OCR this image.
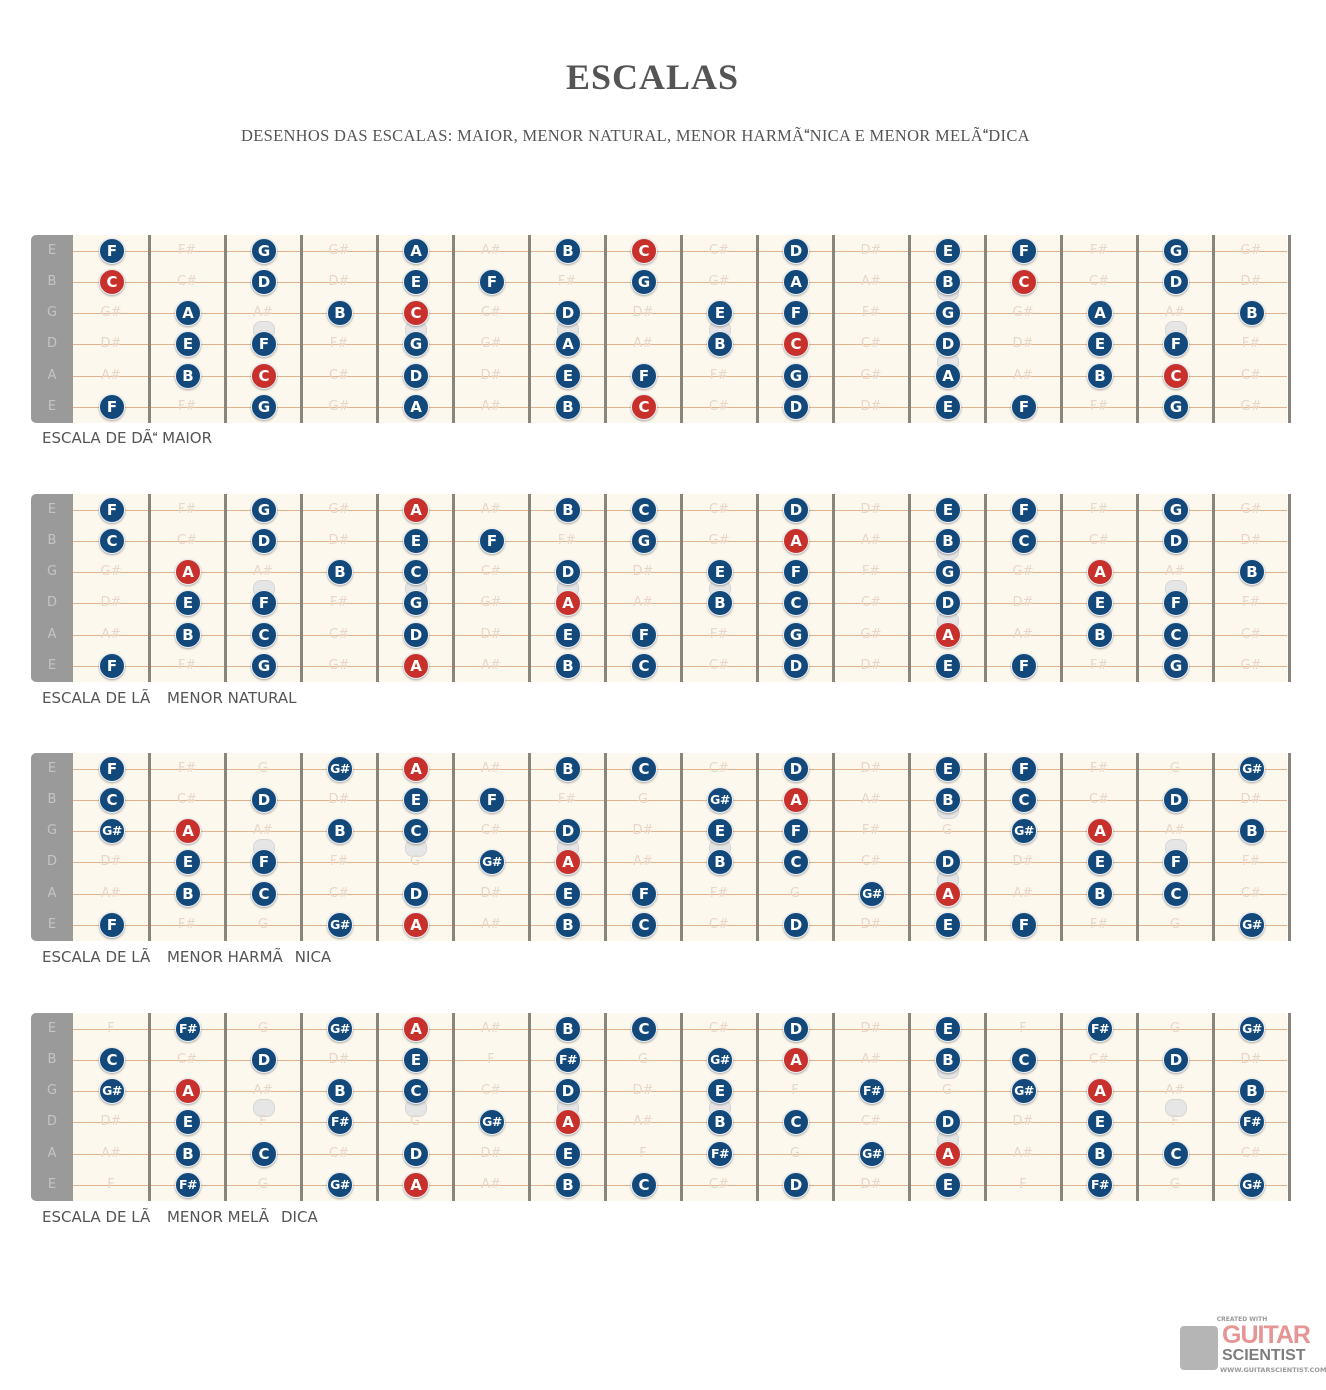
ESCALAS
DESENHOS DAS ESCALAS: MAIOR, MENOR NATURAL, MENOR HARMÃNICA E MENOR MELÃDICA
E
B
G
D
A
E
F	F#	G	G#	A	A#	B	C	C#	D	D#	E	F	F#	G	G#
C	C#	D	D#	E	F	F#	G	G#	A	A#	B	C	C#	D	D#
G#	A	A#	B	C	C#	D	D#	E	F	F#	G	G#	A	A#	B
D#	E	F	F#	G	G#	A	A#	B	C	C#	D	D#	E	F	F#
A#	B	C	C#	D	D#	E	F	F#	G	G#	A	A#	B	C	C#
F	F#	G	G#	A	A#	B	C	C#	D	D#	E	F	F#	G	G#
ESCALA DE DÃ MAIOR
E
B
G
D
A
E
F	F#	G	G#	A	A#	B	C	C#	D	D#	E	F	F#	G	G#
C	C#	D	D#	E	F	F#	G	G#	A	A#	B	C	C#	D	D#
G#	A	A#	B	C	C#	D	D#	E	F	F#	G	G#	A	A#	B
D#	E	F	F#	G	G#	A	A#	B	C	C#	D	D#	E	F	F#
A#	B	C	C#	D	D#	E	F	F#	G	G#	A	A#	B	C	C#
F	F#	G	G#	A	A#	B	C	C#	D	D#	E	F	F#	G	G#
ESCALA DE LÃ MENOR NATURAL
E
B
G
D
A
E
F	F#	G	G#	A	A#	B	C	C#	D	D#	E	F	F#	G	G#
C	C#	D	D#	E	F	F#	G	G#	A	A#	B	C	C#	D	D#
G#	A	A#	B	C	C#	D	D#	E	F	F#	G	G#	A	A#	B
D#	E	F	F#	G	G#	A	A#	B	C	C#	D	D#	E	F	F#
A#	B	C	C#	D	D#	E	F	F#	G	G#	A	A#	B	C	C#
F	F#	G	G#	A	A#	B	C	C#	D	D#	E	F	F#	G	G#
ESCALA DE LÃ MENOR HARMÃNICA
E
B
G
D
A
E
F	F#	G	G#	A	A#	B	C	C#	D	D#	E	F	F#	G	G#
C	C#	D	D#	E	F	F#	G	G#	A	A#	B	C	C#	D	D#
G#	A	A#	B	C	C#	D	D#	E	F	F#	G	G#	A	A#	B
D#	E	F	F#	G	G#	A	A#	B	C	C#	D	D#	E	F	F#
A#	B	C	C#	D	D#	E	F	F#	G	G#	A	A#	B	C	C#
F	F#	G	G#	A	A#	B	C	C#	D	D#	E	F	F#	G	G#
ESCALA DE LÃ MENOR MELÃDICA
CREATED WITH
GUITAR
SCIENTIST
WWW.GUITARSCIENTIST.COM
